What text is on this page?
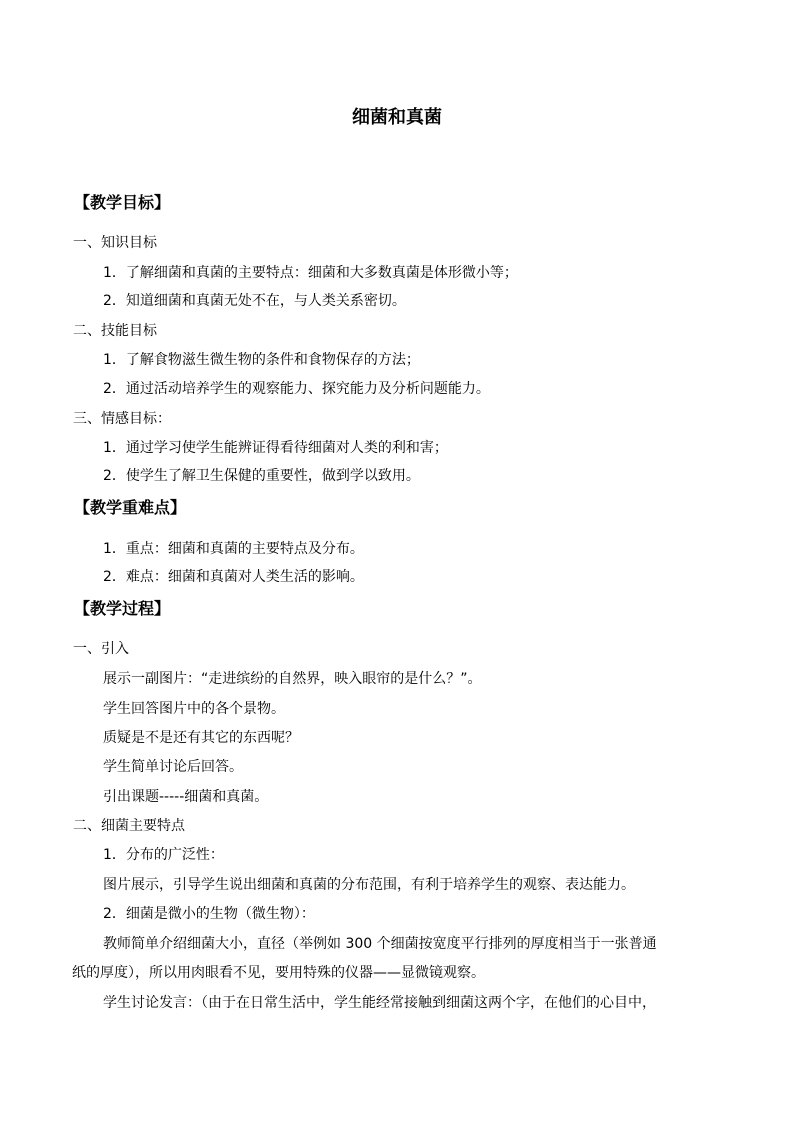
细菌和真菌
【教学目标】
一、知识目标
1．了解细菌和真菌的主要特点：细菌和大多数真菌是体形微小等；
2．知道细菌和真菌无处不在，与人类关系密切。
二、技能目标
1．了解食物滋生微生物的条件和食物保存的方法；
2．通过活动培养学生的观察能力、探究能力及分析问题能力。
三、情感目标：
1．通过学习使学生能辨证得看待细菌对人类的利和害；
2．使学生了解卫生保健的重要性，做到学以致用。
【教学重难点】
1．重点：细菌和真菌的主要特点及分布。
2．难点：细菌和真菌对人类生活的影响。
【教学过程】
一、引入
展示一副图片：“走进缤纷的自然界，映入眼帘的是什么？”。
学生回答图片中的各个景物。
质疑是不是还有其它的东西呢？
学生简单讨论后回答。
引出课题-----细菌和真菌。
二、细菌主要特点
1．分布的广泛性：
图片展示，引导学生说出细菌和真菌的分布范围，有利于培养学生的观察、表达能力。
2．细菌是微小的生物（微生物）：
教师简单介绍细菌大小，直径（举例如 300 个细菌按宽度平行排列的厚度相当于一张普通
纸的厚度），所以用肉眼看不见，要用特殊的仪器——显微镜观察。
学生讨论发言：（由于在日常生活中，学生能经常接触到细菌这两个字，在他们的心目中，
